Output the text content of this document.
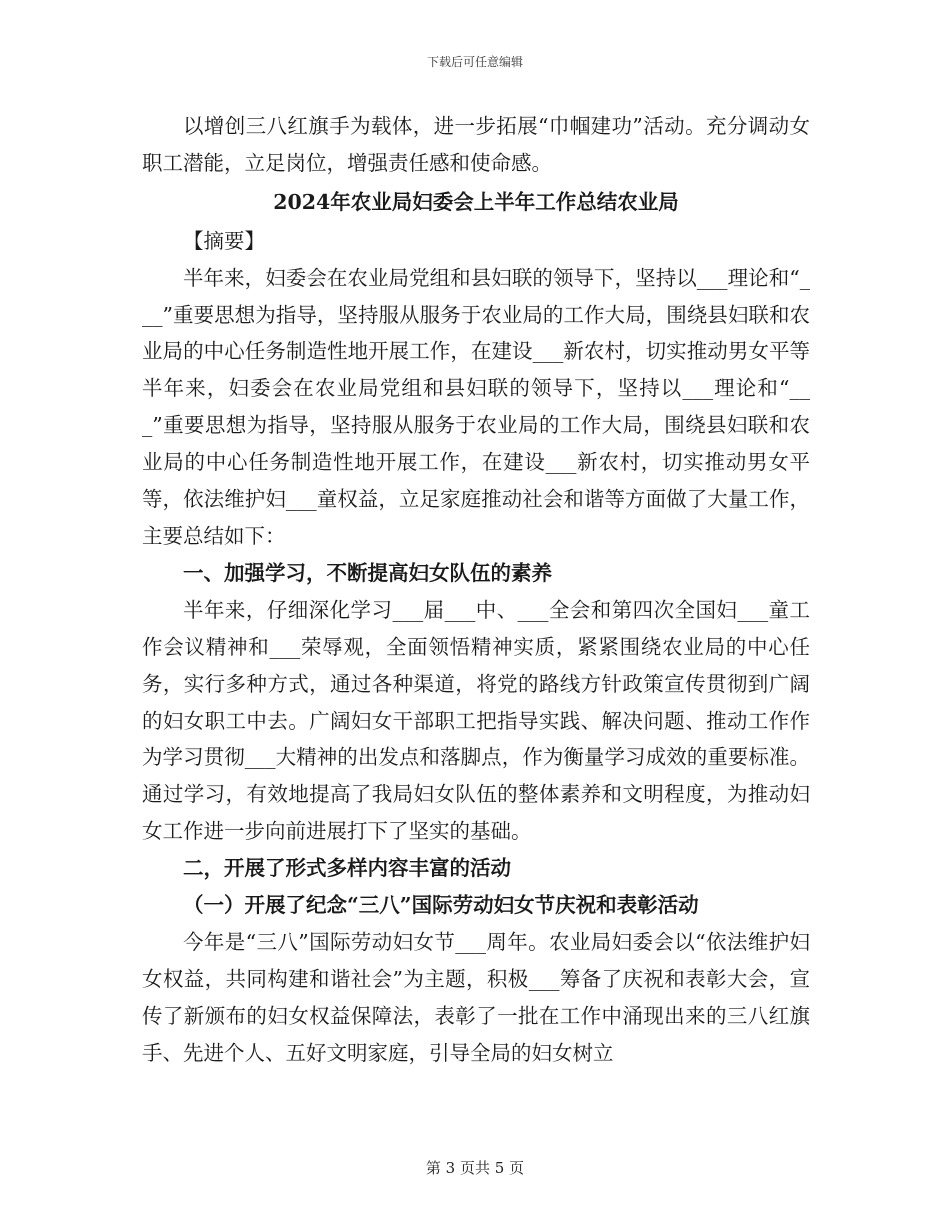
下载后可任意编辑

以增创三八红旗手为载体，进一步拓展“巾帼建功”活动。充分调动女职工潜能，立足岗位，增强责任感和使命感。

2024年农业局妇委会上半年工作总结农业局

【摘要】

半年来，妇委会在农业局党组和县妇联的领导下，坚持以___理论和“___”重要思想为指导，坚持服从服务于农业局的工作大局，围绕县妇联和农业局的中心任务制造性地开展工作，在建设___新农村，切实推动男女平等半年来，妇委会在农业局党组和县妇联的领导下，坚持以___理论和“___”重要思想为指导，坚持服从服务于农业局的工作大局，围绕县妇联和农业局的中心任务制造性地开展工作，在建设___新农村，切实推动男女平等，依法维护妇___童权益，立足家庭推动社会和谐等方面做了大量工作，主要总结如下：

一、加强学习，不断提高妇女队伍的素养

半年来，仔细深化学习___届___中、___全会和第四次全国妇___童工作会议精神和___荣辱观，全面领悟精神实质，紧紧围绕农业局的中心任务，实行多种方式，通过各种渠道，将党的路线方针政策宣传贯彻到广阔的妇女职工中去。广阔妇女干部职工把指导实践、解决问题、推动工作作为学习贯彻___大精神的出发点和落脚点，作为衡量学习成效的重要标准。通过学习，有效地提高了我局妇女队伍的整体素养和文明程度，为推动妇女工作进一步向前进展打下了坚实的基础。

二，开展了形式多样内容丰富的活动

（一）开展了纪念“三八”国际劳动妇女节庆祝和表彰活动

今年是“三八”国际劳动妇女节___周年。农业局妇委会以“依法维护妇女权益，共同构建和谐社会”为主题，积极___筹备了庆祝和表彰大会，宣传了新颁布的妇女权益保障法，表彰了一批在工作中涌现出来的三八红旗手、先进个人、五好文明家庭，引导全局的妇女树立

第 3 页共 5 页
